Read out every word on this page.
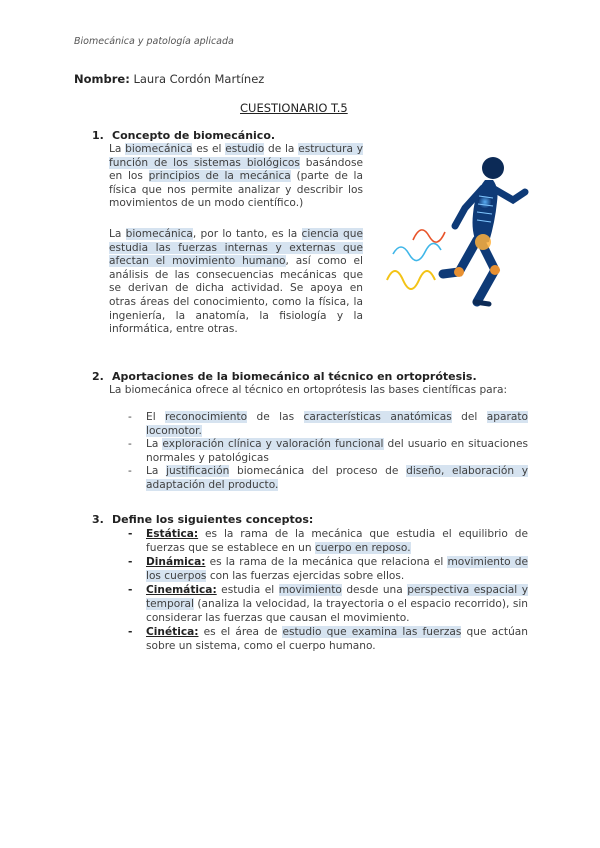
Biomecánica y patología aplicada
Nombre: Laura Cordón Martínez
CUESTIONARIO T.5
1. Concepto de biomecánico.
La biomecánica es el estudio de la estructura y función de los sistemas biológicos basándose en los principios de la mecánica (parte de la física que nos permite analizar y describir los movimientos de un modo científico.)
La biomecánica, por lo tanto, es la ciencia que estudia las fuerzas internas y externas que afectan el movimiento humano, así como el análisis de las consecuencias mecánicas que se derivan de dicha actividad. Se apoya en otras áreas del conocimiento, como la física, la ingeniería, la anatomía, la fisiología y la informática, entre otras.
2. Aportaciones de la biomecánico al técnico en ortoprótesis.
La biomecánica ofrece al técnico en ortoprótesis las bases científicas para:
- El reconocimiento de las características anatómicas del aparato locomotor.
- La exploración clínica y valoración funcional del usuario en situaciones normales y patológicas
- La justificación biomecánica del proceso de diseño, elaboración y adaptación del producto.
3. Define los siguientes conceptos:
- Estática: es la rama de la mecánica que estudia el equilibrio de fuerzas que se establece en un cuerpo en reposo.
- Dinámica: es la rama de la mecánica que relaciona el movimiento de los cuerpos con las fuerzas ejercidas sobre ellos.
- Cinemática: estudia el movimiento desde una perspectiva espacial y temporal (analiza la velocidad, la trayectoria o el espacio recorrido), sin considerar las fuerzas que causan el movimiento.
- Cinética: es el área de estudio que examina las fuerzas que actúan sobre un sistema, como el cuerpo humano.
